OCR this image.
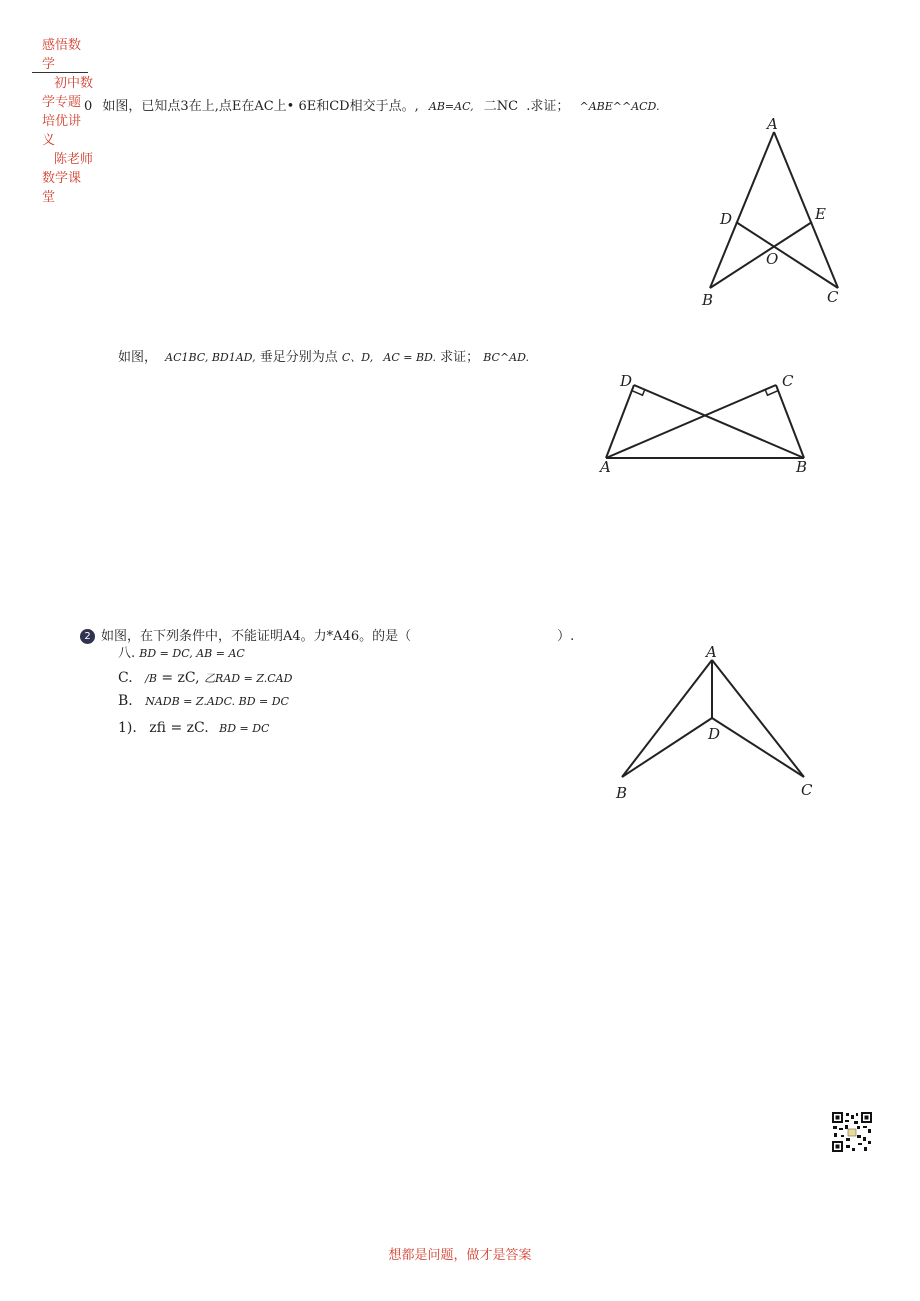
感悟数
学
初中数
学专题
培优讲
义
陈老师
数学课
堂
0 如图，已知点3在上,点E在AC上• 6E和CD相交于点。, AB=AC, 二NC .求证； ^ABE^^ACD.
A
D	E
O
B	C
如图， AC1BC, BD1AD, 垂足分别为点 C、D, AC = BD. 求证； BC^AD.
D	C
A	B
2 如图，在下列条件中，不能证明A4。力*A46。的是（	）.
八. BD = DC, AB = AC
C. /B = zC, 乙RAD = Z.CAD
B. NADB = Z.ADC. BD = DC
1). zfi = zC. BD = DC
A
D
B	C
想都是问题，做才是答案
